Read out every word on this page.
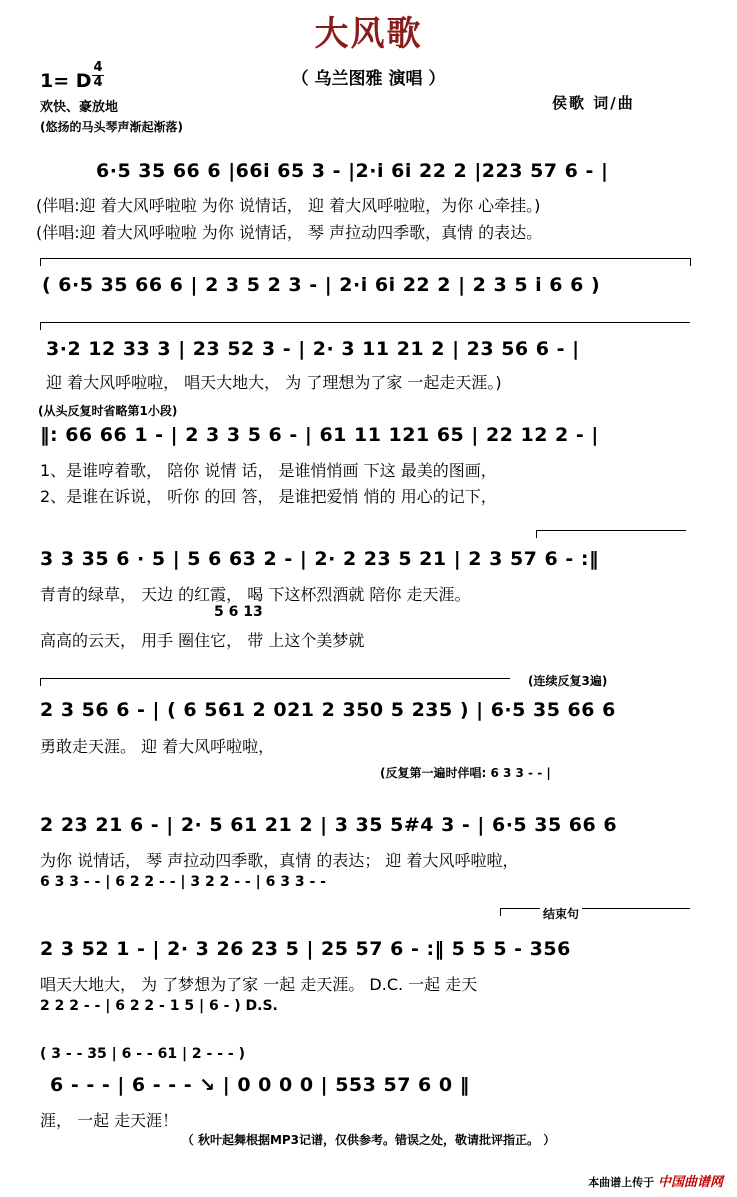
大风歌
（ 乌兰图雅 演唱 ）
1= D
4
4
欢快、豪放地
(悠扬的马头琴声渐起渐落)
侯歌 词/曲
6·5 35 66 6 |66i 65 3 - |2·i 6i 22 2 |223 57 6 - |
(伴唱:迎 着大风呼啦啦 为你 说情话， 迎 着大风呼啦啦，为你 心牵挂。)
(伴唱:迎 着大风呼啦啦 为你 说情话， 琴 声拉动四季歌，真情 的表达。
( 6·5 35 66 6 | 2 3 5 2 3 - | 2·i 6i 22 2 | 2 3 5 i 6 6 )
3·2 12 33 3 | 23 52 3 - | 2· 3 11 21 2 | 23 56 6 - |
迎 着大风呼啦啦， 唱天大地大， 为 了理想为了家 一起走天涯。)
(从头反复时省略第1小段)
‖: 66 66 1 - | 2 3 3 5 6 - | 61 11 121 65 | 22 12 2 - |
1、是谁哼着歌， 陪你 说情 话， 是谁悄悄画 下这 最美的图画，
2、是谁在诉说， 听你 的回 答， 是谁把爱悄 悄的 用心的记下，
3 3 35 6 · 5 | 5 6 63 2 - | 2· 2 23 5 21 | 2 3 57 6 - :‖
青青的绿草， 天边 的红霞， 喝 下这杯烈酒就 陪你 走天涯。
5 6 13
高高的云天， 用手 圈住它， 带 上这个美梦就
(连续反复3遍)
2 3 56 6 - | ( 6 561 2 021 2 350 5 235 ) | 6·5 35 66 6
勇敢走天涯。 迎 着大风呼啦啦，
(反复第一遍时伴唱: 6 3 3 - - |
2 23 21 6 - | 2· 5 61 21 2 | 3 35 5#4 3 - | 6·5 35 66 6
为你 说情话， 琴 声拉动四季歌，真情 的表达； 迎 着大风呼啦啦，
6 3 3 - - | 6 2 2 - - | 3 2 2 - - | 6 3 3 - -
结束句
2 3 52 1 - | 2· 3 26 23 5 | 25 57 6 - :‖ 5 5 5 - 356
唱天大地大， 为 了梦想为了家 一起 走天涯。 D.C. 一起 走天
2 2 2 - - | 6 2 2 - 1 5 | 6 - ) D.S.
( 3 - - 35 | 6 - - 61 | 2 - - - )
6 - - - | 6 - - - ↘ | 0 0 0 0 | 553 57 6 0 ‖
涯， 一起 走天涯！
（ 秋叶起舞根据MP3记谱，仅供参考。错误之处，敬请批评指正。 ）
本曲谱上传于 中国曲谱网
